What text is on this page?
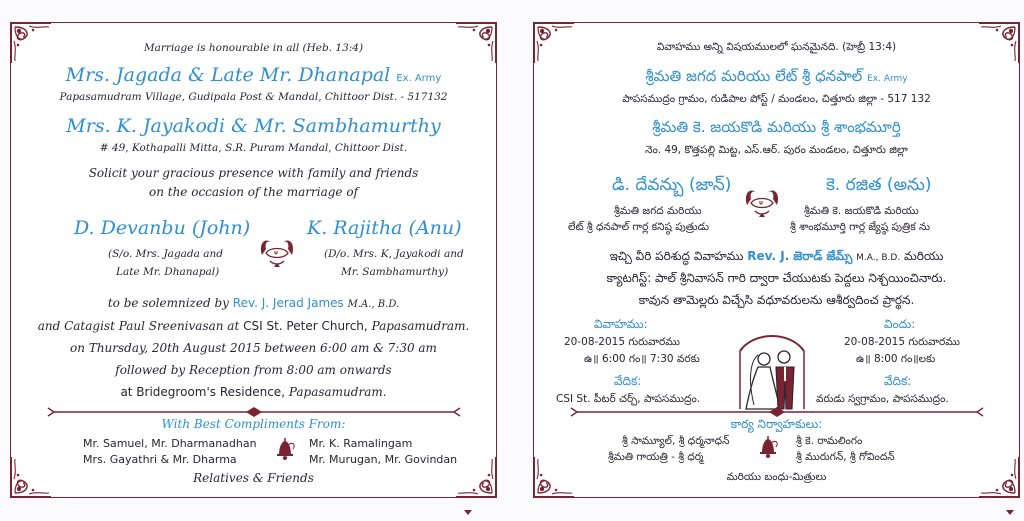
Marriage is honourable in all (Heb. 13:4)
Mrs. Jagada & Late Mr. Dhanapal Ex. Army
Papasamudram Village, Gudipala Post & Mandal, Chittoor Dist. - 517132
Mrs. K. Jayakodi & Mr. Sambhamurthy
# 49, Kothapalli Mitta, S.R. Puram Mandal, Chittoor Dist.
Solicit your gracious presence with family and friends
on the occasion of the marriage of
D. Devanbu (John)	K. Rajitha (Anu)
(S/o. Mrs. Jagada and
Late Mr. Dhanapal)
(D/o. Mrs. K, Jayakodi and
Mr. Sambhamurthy)
to be solemnized by Rev. J. Jerad James M.A., B.D.
and Catagist Paul Sreenivasan at CSI St. Peter Church, Papasamudram.
on Thursday, 20th August 2015 between 6:00 am & 7:30 am
followed by Reception from 8:00 am onwards
at Bridegroom's Residence, Papasamudram.
With Best Compliments From:
Mr. Samuel, Mr. Dharmanadhan
Mrs. Gayathri & Mr. Dharma
Mr. K. Ramalingam
Mr. Murugan, Mr. Govindan
Relatives & Friends
వివాహము అన్ని విషయములలో ఘనమైనది. (హెబ్రీ 13:4)
శ్రీమతి జగద మరియు లేట్ శ్రీ ధనపాల్ Ex. Army
పాపసముద్రం గ్రామం, గుడిపాల పోస్ట్ / మండలం, చిత్తూరు జిల్లా - 517 132
శ్రీమతి కె. జయకొడి మరియు శ్రీ శాంభమూర్తి
నెం. 49, కొత్తపల్లి మిట్ట, ఎస్.ఆర్. పురం మండలం, చిత్తూరు జిల్లా
డి. దేవన్బు (జాన్)	కె. రజిత (అను)
శ్రీమతి జగద మరియు
లేట్ శ్రీ ధనపాల్ గార్ల కనిష్ఠ పుత్రుడు
శ్రీమతి కె. జయకొడి మరియు
శ్రీ శాంభమూర్తి గార్ల జ్యేష్ఠ పుత్రిక ను
ఇచ్చి వీరి పరిశుద్ధ వివాహము Rev. J. జెరాడ్ జేమ్స్ M.A., B.D. మరియు
క్యాటగిస్ట్: పాల్ శ్రీనివాసన్ గారి ద్వారా చేయుటకు పెద్దలు నిశ్చయించినారు.
కావున తామెల్లరు విచ్చేసి వధూవరులను ఆశీర్వదించ ప్రార్థన.
వివాహము:
20-08-2015 గురువారము
ఉ॥ 6:00 గం॥ 7:30 వరకు
వేదిక:
CSI St. పీటర్ చర్చ్, పాపసముద్రం.
విందు:
20-08-2015 గురువారము
ఉ॥ 8:00 గం॥లకు
వేదిక:
వరుడు స్వగ్రామం, పాపసముద్రం.
కార్య నిర్వాహకులు:
శ్రీ సామ్యూల్, శ్రీ ధర్మనాధన్
శ్రీమతి గాయత్రి - శ్రీ ధర్మ
శ్రీ కె. రామలింగం
శ్రీ మురుగన్, శ్రీ గోవిందన్
మరియు బంధు-మిత్రులు
